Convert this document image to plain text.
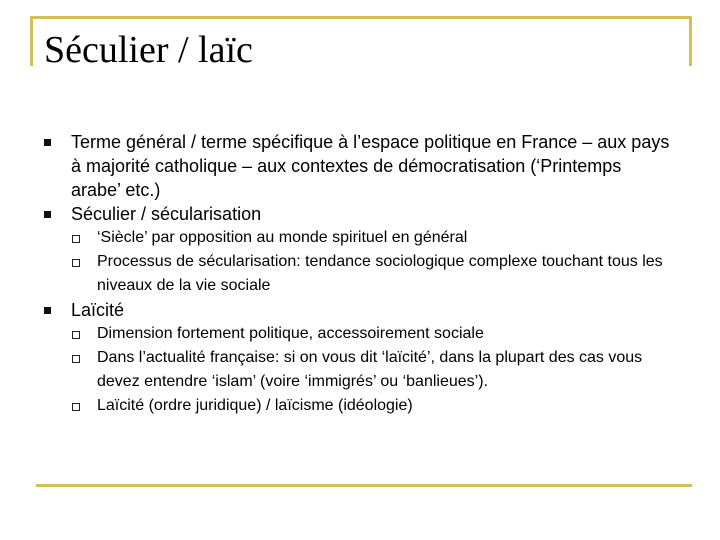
Séculier / laïc
Terme général / terme spécifique à l’espace politique en France – aux pays à majorité catholique – aux contextes de démocratisation (‘Printemps arabe’ etc.)
Séculier / sécularisation
‘Siècle’ par opposition au monde spirituel en général
Processus de sécularisation: tendance sociologique complexe touchant tous les niveaux de la vie sociale
Laïcité
Dimension fortement politique, accessoirement sociale
Dans l’actualité française: si on vous dit ‘laïcité’, dans la plupart des cas vous devez entendre ‘islam’ (voire ‘immigrés’ ou ‘banlieues’).
Laïcité (ordre juridique) / laïcisme (idéologie)
